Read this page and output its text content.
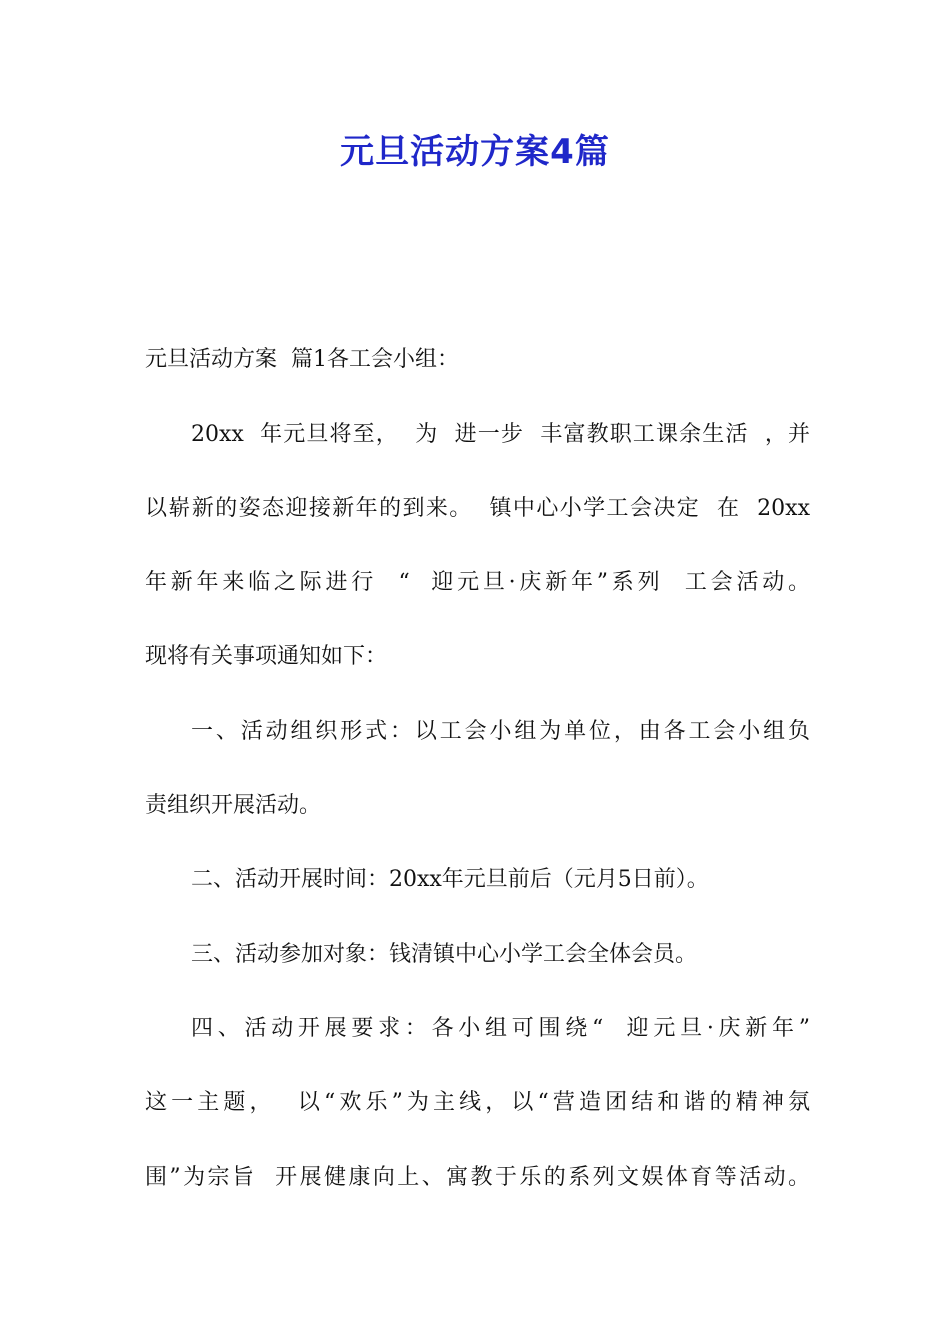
元旦活动方案4篇
元旦活动方案  篇1各工会小组：
20xx  年元旦将至，  为  进一步  丰富教职工课余生活  ，并
以崭新的姿态迎接新年的到来。  镇中心小学工会决定  在  20xx
年新年来临之际进行  “  迎元旦·庆新年”系列  工会活动。
现将有关事项通知如下：
一、活动组织形式：以工会小组为单位，由各工会小组负
责组织开展活动。
二、活动开展时间：20xx年元旦前后（元月5日前）。
三、活动参加对象：钱清镇中心小学工会全体会员。
四、活动开展要求：各小组可围绕“  迎元旦·庆新年”
这一主题，  以“欢乐”为主线，以“营造团结和谐的精神氛
围”为宗旨  开展健康向上、寓教于乐的系列文娱体育等活动。
